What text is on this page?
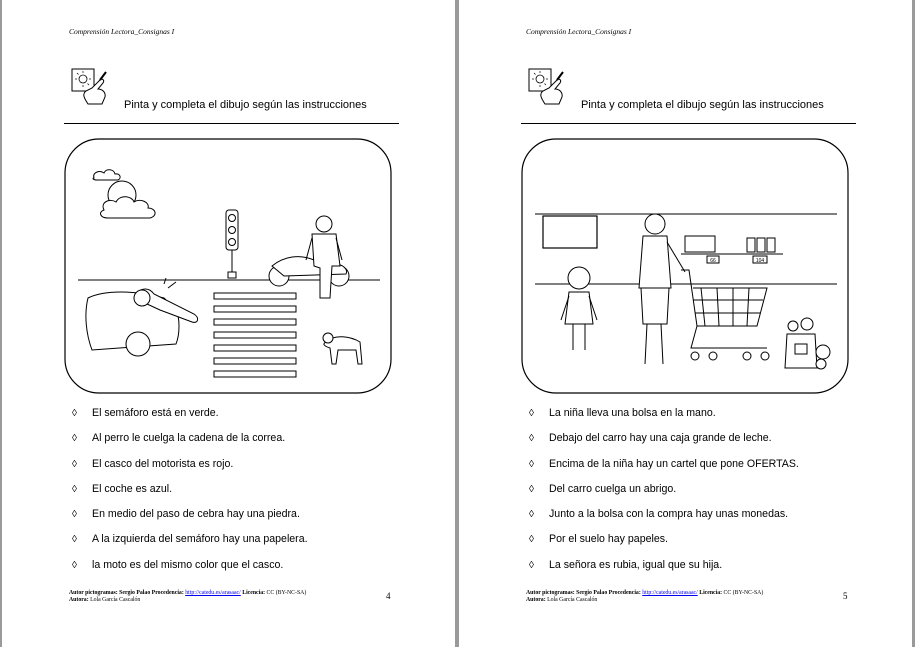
Comprensión Lectora_Consignas I
Pinta y completa el dibujo según las instrucciones
◊ El semáforo está en verde.
◊ Al perro le cuelga la cadena de la correa.
◊ El casco del motorista es rojo.
◊ El coche es azul.
◊ En medio del paso de cebra hay una piedra.
◊ A la izquierda del semáforo hay una papelera.
◊ la moto es del mismo color que el casco.
Autor pictogramas: Sergio Palao Procedencia: http://catedu.es/arasaac/ Licencia: CC (BY-NC-SA)
Autora: Lola García Cascalón	4
Comprensión Lectora_Consignas I
Pinta y completa el dibujo según las instrucciones
66	104
◊ La niña lleva una bolsa en la mano.
◊ Debajo del carro hay una caja grande de leche.
◊ Encima de la niña hay un cartel que pone OFERTAS.
◊ Del carro cuelga un abrigo.
◊ Junto a la bolsa con la compra hay unas monedas.
◊ Por el suelo hay papeles.
◊ La señora es rubia, igual que su hija.
Autor pictogramas: Sergio Palao Procedencia: http://catedu.es/arasaac/ Licencia: CC (BY-NC-SA)
Autora: Lola García Cascalón	5
